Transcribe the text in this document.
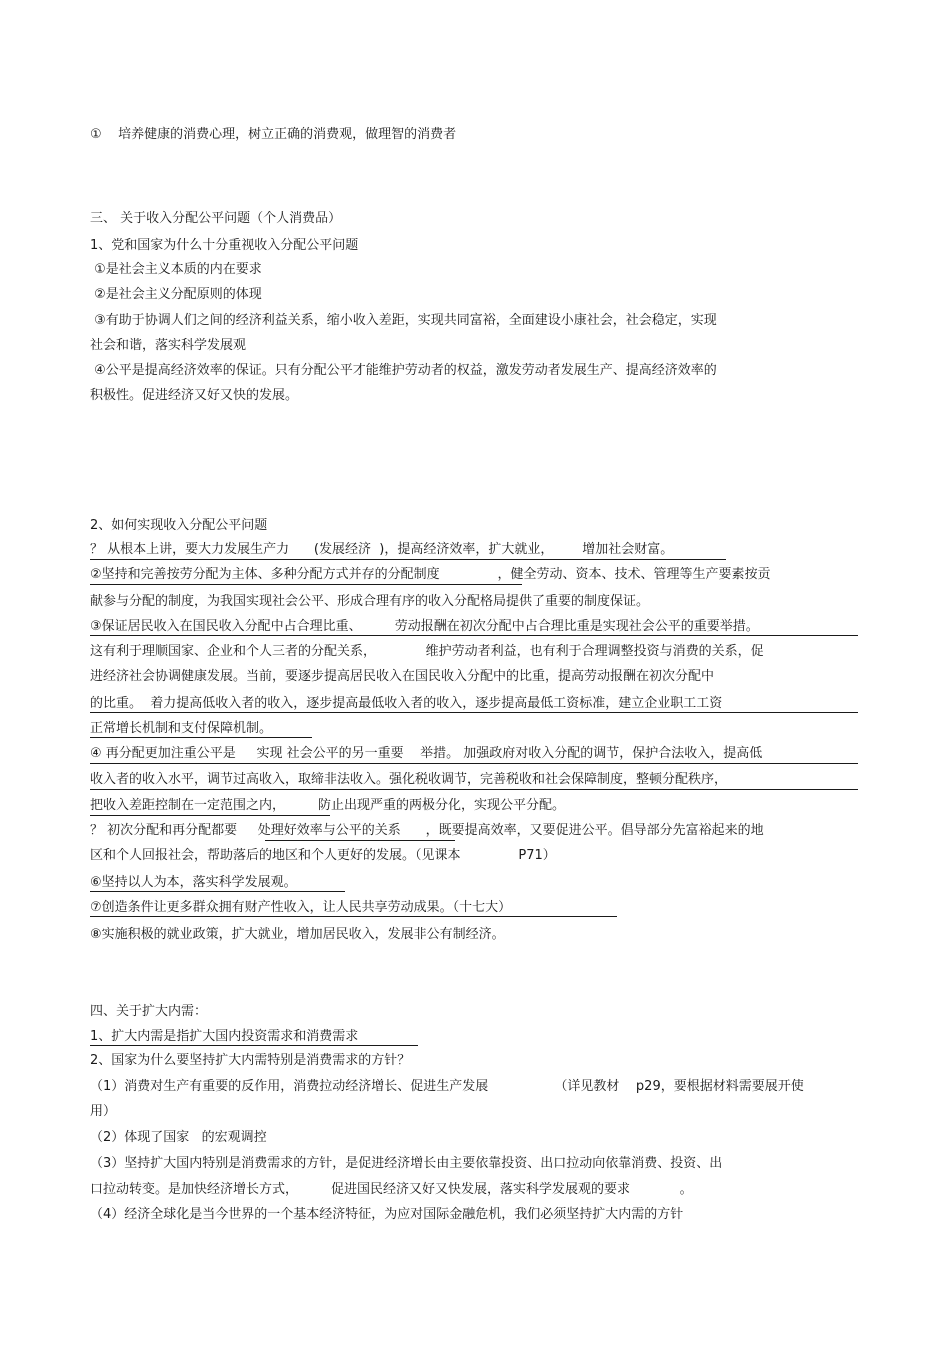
①    培养健康的消费心理，树立正确的消费观，做理智的消费者

三、 关于收入分配公平问题（个人消费品）

1、党和国家为什么十分重视收入分配公平问题

①是社会主义本质的内在要求

②是社会主义分配原则的体现

③有助于协调人们之间的经济利益关系，缩小收入差距，实现共同富裕，全面建设小康社会，社会稳定，实现

社会和谐，落实科学发展观

④公平是提高经济效率的保证。只有分配公平才能维护劳动者的权益，激发劳动者发展生产、提高经济效率的

积极性。促进经济又好又快的发展。

2、如何实现收入分配公平问题

？ 从根本上讲，要大力发展生产力      (发展经济  )，提高经济效率，扩大就业，       增加社会财富。

②坚持和完善按劳分配为主体、多种分配方式并存的分配制度              ，健全劳动、资本、技术、管理等生产要素按贡

献参与分配的制度，为我国实现社会公平、形成合理有序的收入分配格局提供了重要的制度保证。

③保证居民收入在国民收入分配中占合理比重、        劳动报酬在初次分配中占合理比重是实现社会公平的重要举措。

这有利于理顺国家、企业和个人三者的分配关系，            维护劳动者利益，也有利于合理调整投资与消费的关系，促

进经济社会协调健康发展。当前，要逐步提高居民收入在国民收入分配中的比重，提高劳动报酬在初次分配中

的比重。  着力提高低收入者的收入，逐步提高最低收入者的收入，逐步提高最低工资标准，建立企业职工工资

正常增长机制和支付保障机制。

④ 再分配更加注重公平是     实现 社会公平的另一重要    举措。 加强政府对收入分配的调节，保护合法收入，提高低

收入者的收入水平，调节过高收入，取缔非法收入。强化税收调节，完善税收和社会保障制度，整顿分配秩序，

把收入差距控制在一定范围之内，        防止出现严重的两极分化，实现公平分配。

？ 初次分配和再分配都要     处理好效率与公平的关系      ，既要提高效率，又要促进公平。倡导部分先富裕起来的地

区和个人回报社会，帮助落后的地区和个人更好的发展。（见课本              P71）

⑥坚持以人为本，落实科学发展观。

⑦创造条件让更多群众拥有财产性收入，让人民共享劳动成果。（十七大）

⑧实施积极的就业政策，扩大就业，增加居民收入，发展非公有制经济。

四、关于扩大内需：

1、扩大内需是指扩大国内投资需求和消费需求

2、国家为什么要坚持扩大内需特别是消费需求的方针？

（1）消费对生产有重要的反作用，消费拉动经济增长、促进生产发展                （详见教材    p29，要根据材料需要展开使

用）

（2）体现了国家   的宏观调控

（3）坚持扩大国内特别是消费需求的方针，是促进经济增长由主要依靠投资、出口拉动向依靠消费、投资、出

口拉动转变。是加快经济增长方式，        促进国民经济又好又快发展，落实科学发展观的要求            。

（4）经济全球化是当今世界的一个基本经济特征，为应对国际金融危机，我们必须坚持扩大内需的方针
